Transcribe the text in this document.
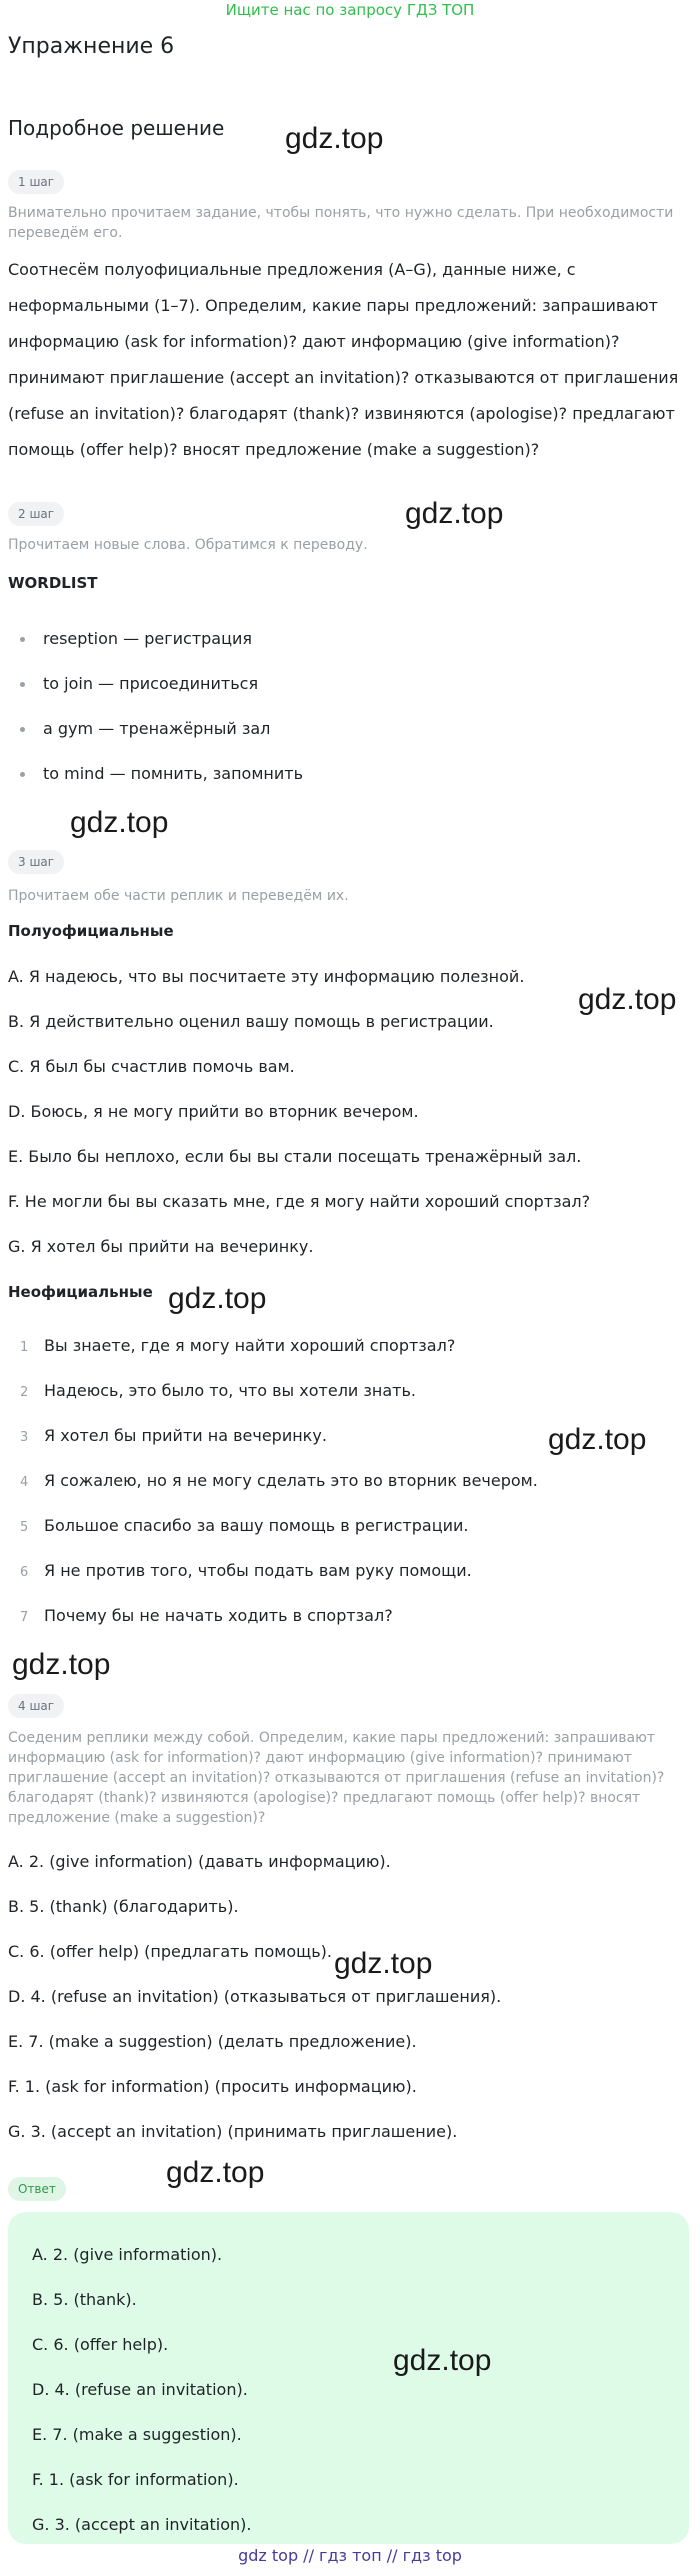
Ищите нас по запросу ГДЗ ТОП
Упражнение 6
Подробное решение
1 шаг
Внимательно прочитаем задание, чтобы понять, что нужно сделать. При необходимости переведём его.
Соотнесём полуофициальные предложения (A–G), данные ниже, с неформальными (1–7). Определим, какие пары предложений: запрашивают информацию (ask for information)? дают информацию (give information)? принимают приглашение (accept an invitation)? отказываются от приглашения (refuse an invitation)? благодарят (thank)? извиняются (apologise)? предлагают помощь (offer help)? вносят предложение (make a suggestion)?
2 шаг
Прочитаем новые слова. Обратимся к переводу.
WORDLIST
reseption — регистрация
to join — присоединиться
a gym — тренажёрный зал
to mind — помнить, запомнить
3 шаг
Прочитаем обе части реплик и переведём их.
Полуофициальные
A. Я надеюсь, что вы посчитаете эту информацию полезной.
B. Я действительно оценил вашу помощь в регистрации.
C. Я был бы счастлив помочь вам.
D. Боюсь, я не могу прийти во вторник вечером.
E. Было бы неплохо, если бы вы стали посещать тренажёрный зал.
F. Не могли бы вы сказать мне, где я могу найти хороший спортзал?
G. Я хотел бы прийти на вечеринку.
Неофициальные
1 Вы знаете, где я могу найти хороший спортзал?
2 Надеюсь, это было то, что вы хотели знать.
3 Я хотел бы прийти на вечеринку.
4 Я сожалею, но я не могу сделать это во вторник вечером.
5 Большое спасибо за вашу помощь в регистрации.
6 Я не против того, чтобы подать вам руку помощи.
7 Почему бы не начать ходить в спортзал?
4 шаг
Соеденим реплики между собой. Определим, какие пары предложений: запрашивают информацию (ask for information)? дают информацию (give information)? принимают приглашение (accept an invitation)? отказываются от приглашения (refuse an invitation)? благодарят (thank)? извиняются (apologise)? предлагают помощь (offer help)? вносят предложение (make a suggestion)?
A. 2. (give information) (давать информацию).
B. 5. (thank) (благодарить).
C. 6. (offer help) (предлагать помощь).
D. 4. (refuse an invitation) (отказываться от приглашения).
E. 7. (make a suggestion) (делать предложение).
F. 1. (ask for information) (просить информацию).
G. 3. (accept an invitation) (принимать приглашение).
Ответ
A. 2. (give information).
B. 5. (thank).
C. 6. (offer help).
D. 4. (refuse an invitation).
E. 7. (make a suggestion).
F. 1. (ask for information).
G. 3. (accept an invitation).
gdz.top
gdz.top
gdz.top
gdz.top
gdz.top
gdz.top
gdz.top
gdz.top
gdz.top
gdz.top
gdz top // гдз топ // гдз top
